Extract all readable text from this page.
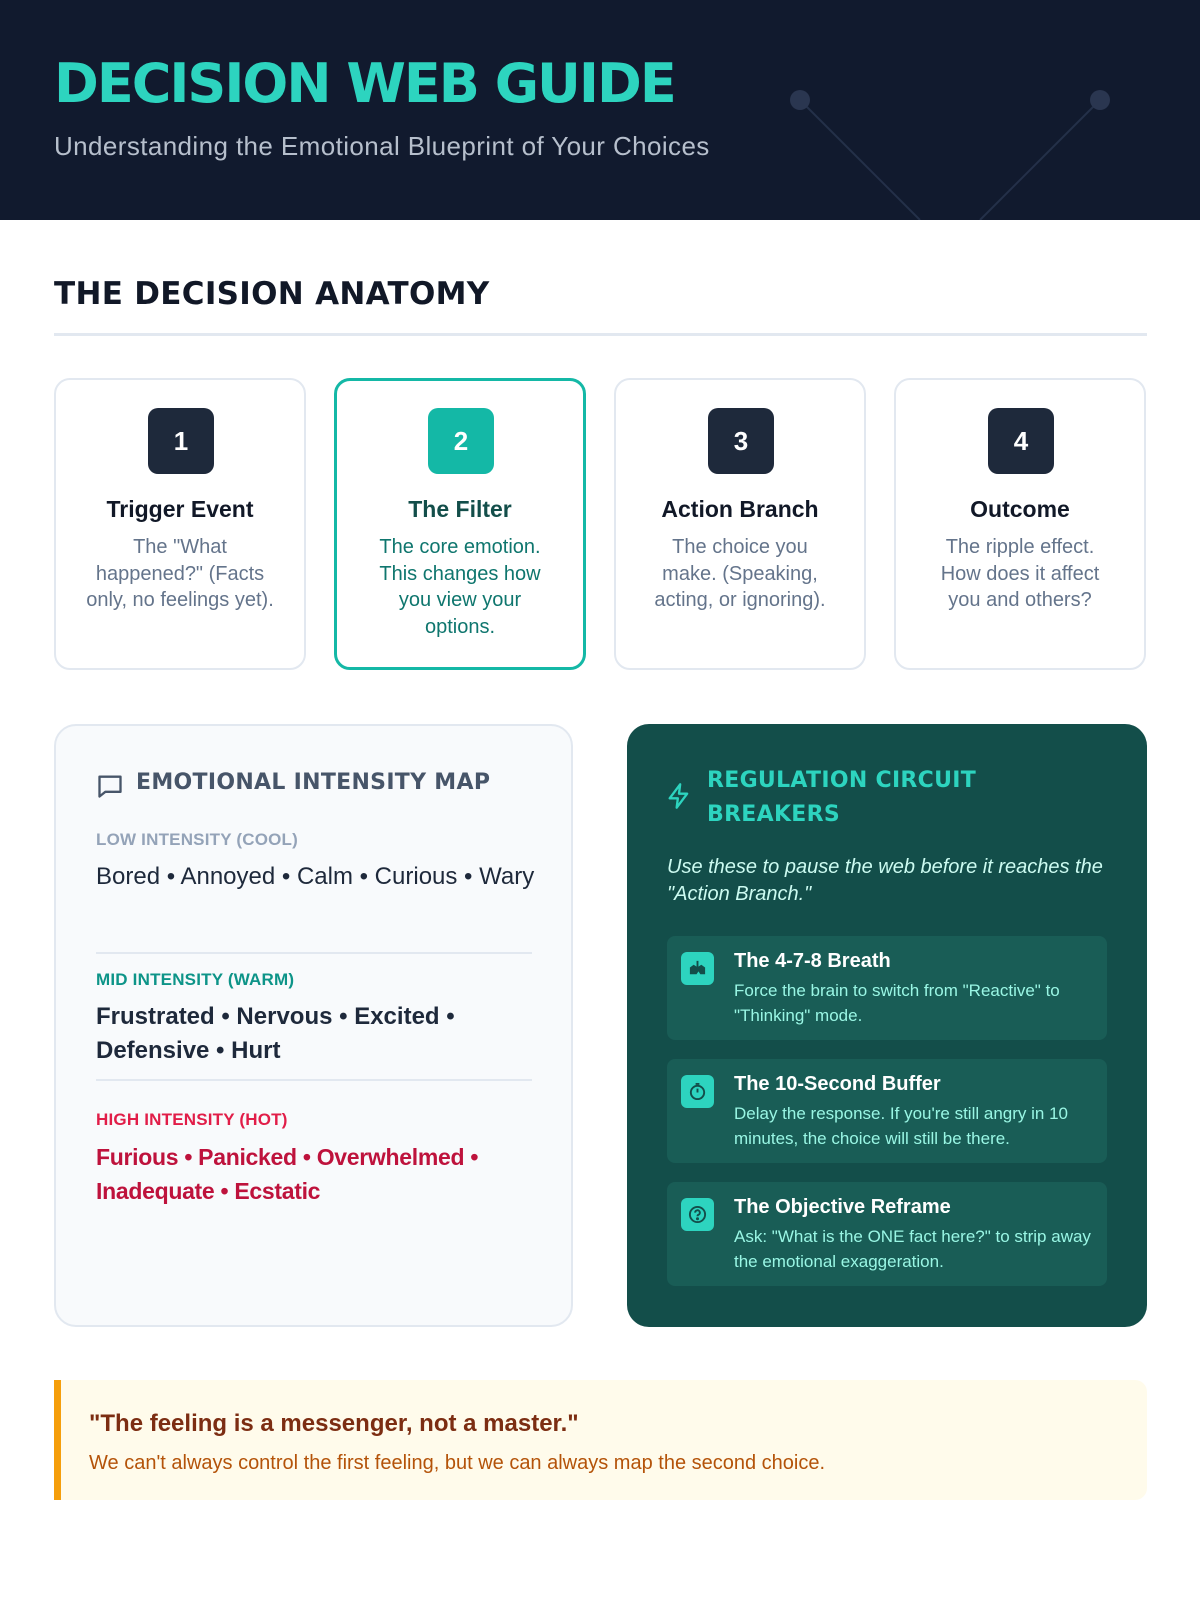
DECISION WEB GUIDE
Understanding the Emotional Blueprint of Your Choices
THE DECISION ANATOMY
1
Trigger Event
The "What happened?" (Facts only, no feelings yet).
2
The Filter
The core emotion. This changes how you view your options.
3
Action Branch
The choice you make. (Speaking, acting, or ignoring).
4
Outcome
The ripple effect. How does it affect you and others?
EMOTIONAL INTENSITY MAP
LOW INTENSITY (COOL)
Bored • Annoyed • Calm • Curious • Wary
MID INTENSITY (WARM)
Frustrated • Nervous • Excited • Defensive • Hurt
HIGH INTENSITY (HOT)
Furious • Panicked • Overwhelmed • Inadequate • Ecstatic
REGULATION CIRCUIT BREAKERS
Use these to pause the web before it reaches the "Action Branch."
The 4-7-8 Breath
Force the brain to switch from "Reactive" to "Thinking" mode.
The 10-Second Buffer
Delay the response. If you're still angry in 10 minutes, the choice will still be there.
The Objective Reframe
Ask: "What is the ONE fact here?" to strip away the emotional exaggeration.
"The feeling is a messenger, not a master."
We can't always control the first feeling, but we can always map the second choice.
